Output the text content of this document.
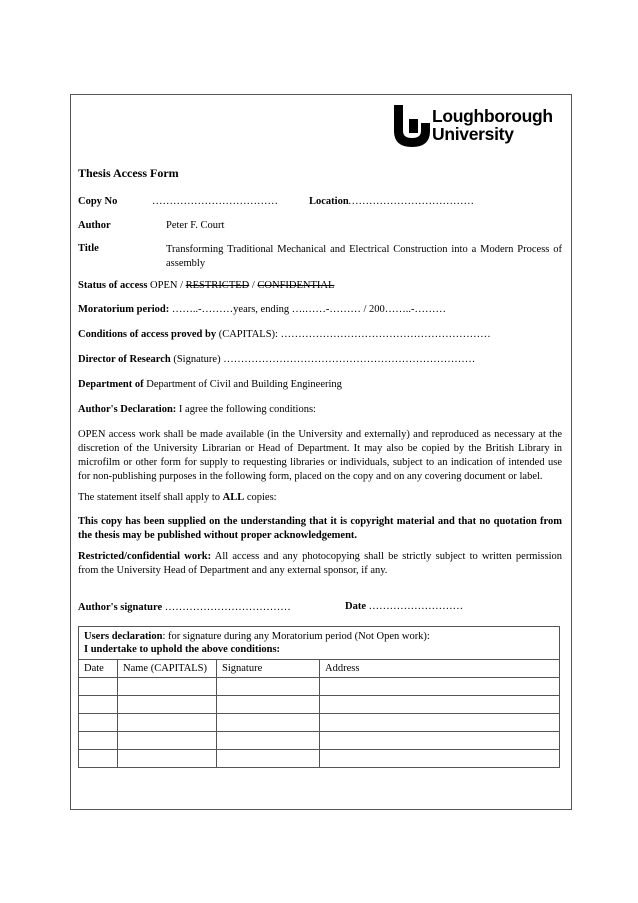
Loughborough
University
Thesis Access Form
Copy No	………………………………	Location ………………………………
Author	Peter F. Court
Title	Transforming Traditional Mechanical and Electrical Construction into a Modern Process of assembly
Status of access OPEN / RESTRICTED / CONFIDENTIAL
Moratorium period: ……..-………years, ending ….……-……… / 200……..-………
Conditions of access proved by (CAPITALS): ……………………………………………………
Director of Research (Signature) ………………………………………………………………
Department of Department of Civil and Building Engineering
Author's Declaration: I agree the following conditions:
OPEN access work shall be made available (in the University and externally) and reproduced as necessary at the discretion of the University Librarian or Head of Department. It may also be copied by the British Library in microfilm or other form for supply to requesting libraries or individuals, subject to an indication of intended use for non-publishing purposes in the following form, placed on the copy and on any covering document or label.
The statement itself shall apply to ALL copies:
This copy has been supplied on the understanding that it is copyright material and that no quotation from the thesis may be published without proper acknowledgement.
Restricted/confidential work: All access and any photocopying shall be strictly subject to written permission from the University Head of Department and any external sponsor, if any.
Author's signature ………………………………	Date ………………………
Users declaration: for signature during any Moratorium period (Not Open work):
I undertake to uphold the above conditions:			
Date	Name (CAPITALS)	Signature	Address
